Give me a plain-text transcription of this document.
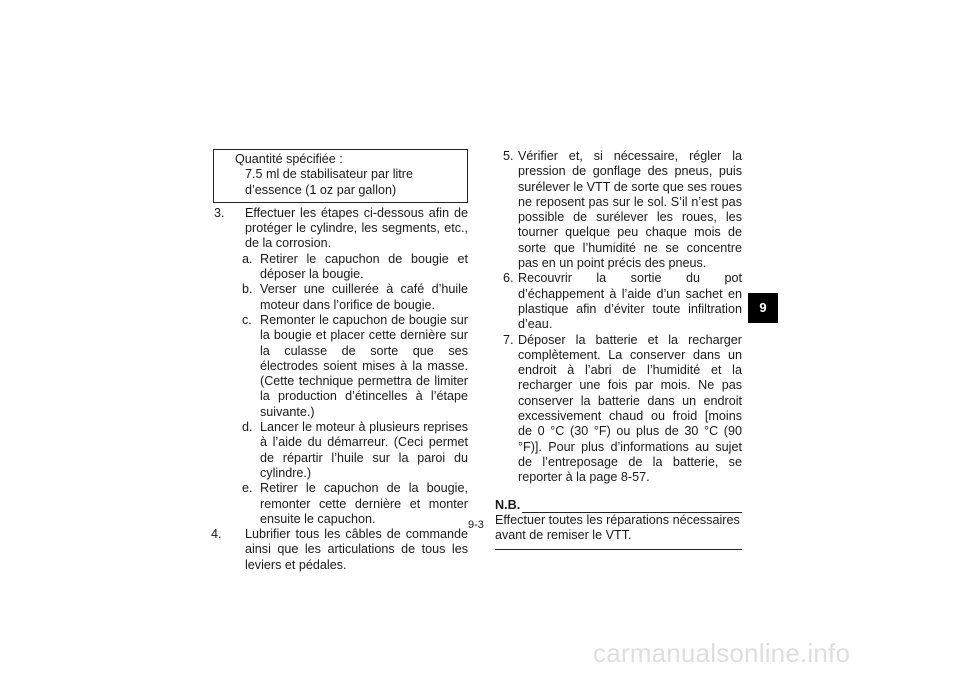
Quantité spécifiée :
7.5 ml de stabilisateur par litre d’essence (1 oz par gallon)
3.	Effectuer les étapes ci-dessous afin de protéger le cylindre, les segments, etc., de la corrosion.
a. Retirer le capuchon de bougie et déposer la bougie.
b. Verser une cuillerée à café d’huile moteur dans l’orifice de bougie.
c. Remonter le capuchon de bougie sur la bougie et placer cette dernière sur la culasse de sorte que ses électrodes soient mises à la masse. (Cette technique permettra de limiter la production d’étincelles à l’étape suivante.)
d. Lancer le moteur à plusieurs reprises à l’aide du démarreur. (Ceci permet de répartir l’huile sur la paroi du cylindre.)
e. Retirer le capuchon de la bougie, remonter cette dernière et monter ensuite le capuchon.
4.	Lubrifier tous les câbles de commande ainsi que les articulations de tous les leviers et pédales.
5. Vérifier et, si nécessaire, régler la pression de gonflage des pneus, puis surélever le VTT de sorte que ses roues ne reposent pas sur le sol. S’il n’est pas possible de surélever les roues, les tourner quelque peu chaque mois de sorte que l’humidité ne se concentre pas en un point précis des pneus.
6. Recouvrir la sortie du pot d’échappement à l’aide d’un sachet en plastique afin d’éviter toute infiltration d’eau.
7. Déposer la batterie et la recharger complètement. La conserver dans un endroit à l’abri de l’humidité et la recharger une fois par mois. Ne pas conserver la batterie dans un endroit excessivement chaud ou froid [moins de 0 °C (30 °F) ou plus de 30 °C (90 °F)]. Pour plus d’informations au sujet de l’entreposage de la batterie, se reporter à la page 8-57.
N.B.
Effectuer toutes les réparations nécessaires avant de remiser le VTT.
9-3
9
carmanualsonline.info
